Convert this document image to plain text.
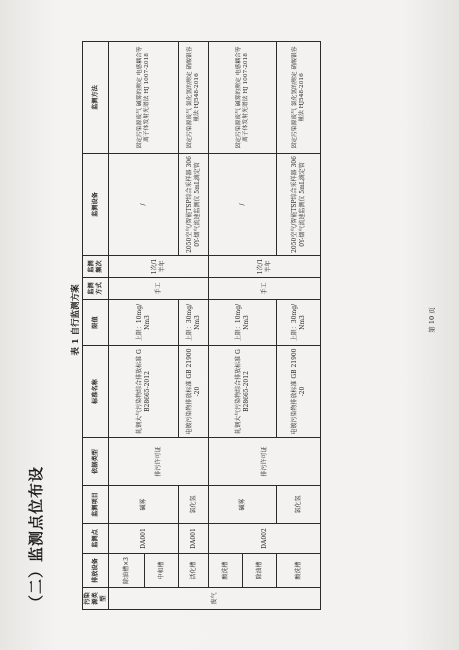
（二）监测点位布设
表 1 自行监测方案
污染源类型	排放设备	监测点	监测项目	依据类型	标准名称	限值	监测方式	监测频次	监测设备	监测方法
废气	除油槽×3	DA001	碱雾	排污许可证	轧钢大气污染物综合排放标准 GB28665-2012	上限：10mg/Nm3	手工	1次/1半年	/	固定污染源废气 碱雾的测定 电感耦合等离子体发射光谱法 HJ 1007-2018
	中和槽									
	活化槽	DA001	氯化氢		电镀污染物排放标准 GB 21900-20	上限：30mg/Nm3			2050空气/智能TSP综合采样器 3060Y-烟气流速监测仪 5mL滴定管	固定污染源废气 氯化氢的测定 硝酸银容量法 HJ548-2016
	酸洗槽	DA002	碱雾	排污许可证	轧钢大气污染物综合排放标准 GB28665-2012	上限：10mg/Nm3	手工	1次/1半年	/	固定污染源废气 碱雾的测定 电感耦合等离子体发射光谱法 HJ 1007-2018
	除油槽									
	酸洗槽		氯化氢		电镀污染物排放标准 GB 21900-20	上限：30mg/Nm3			2050空气/智能TSP综合采样器 3060Y-烟气流速监测仪 5mL滴定管	固定污染源废气 氯化氢的测定 硝酸银容量法 HJ548-2016
第 10 页
